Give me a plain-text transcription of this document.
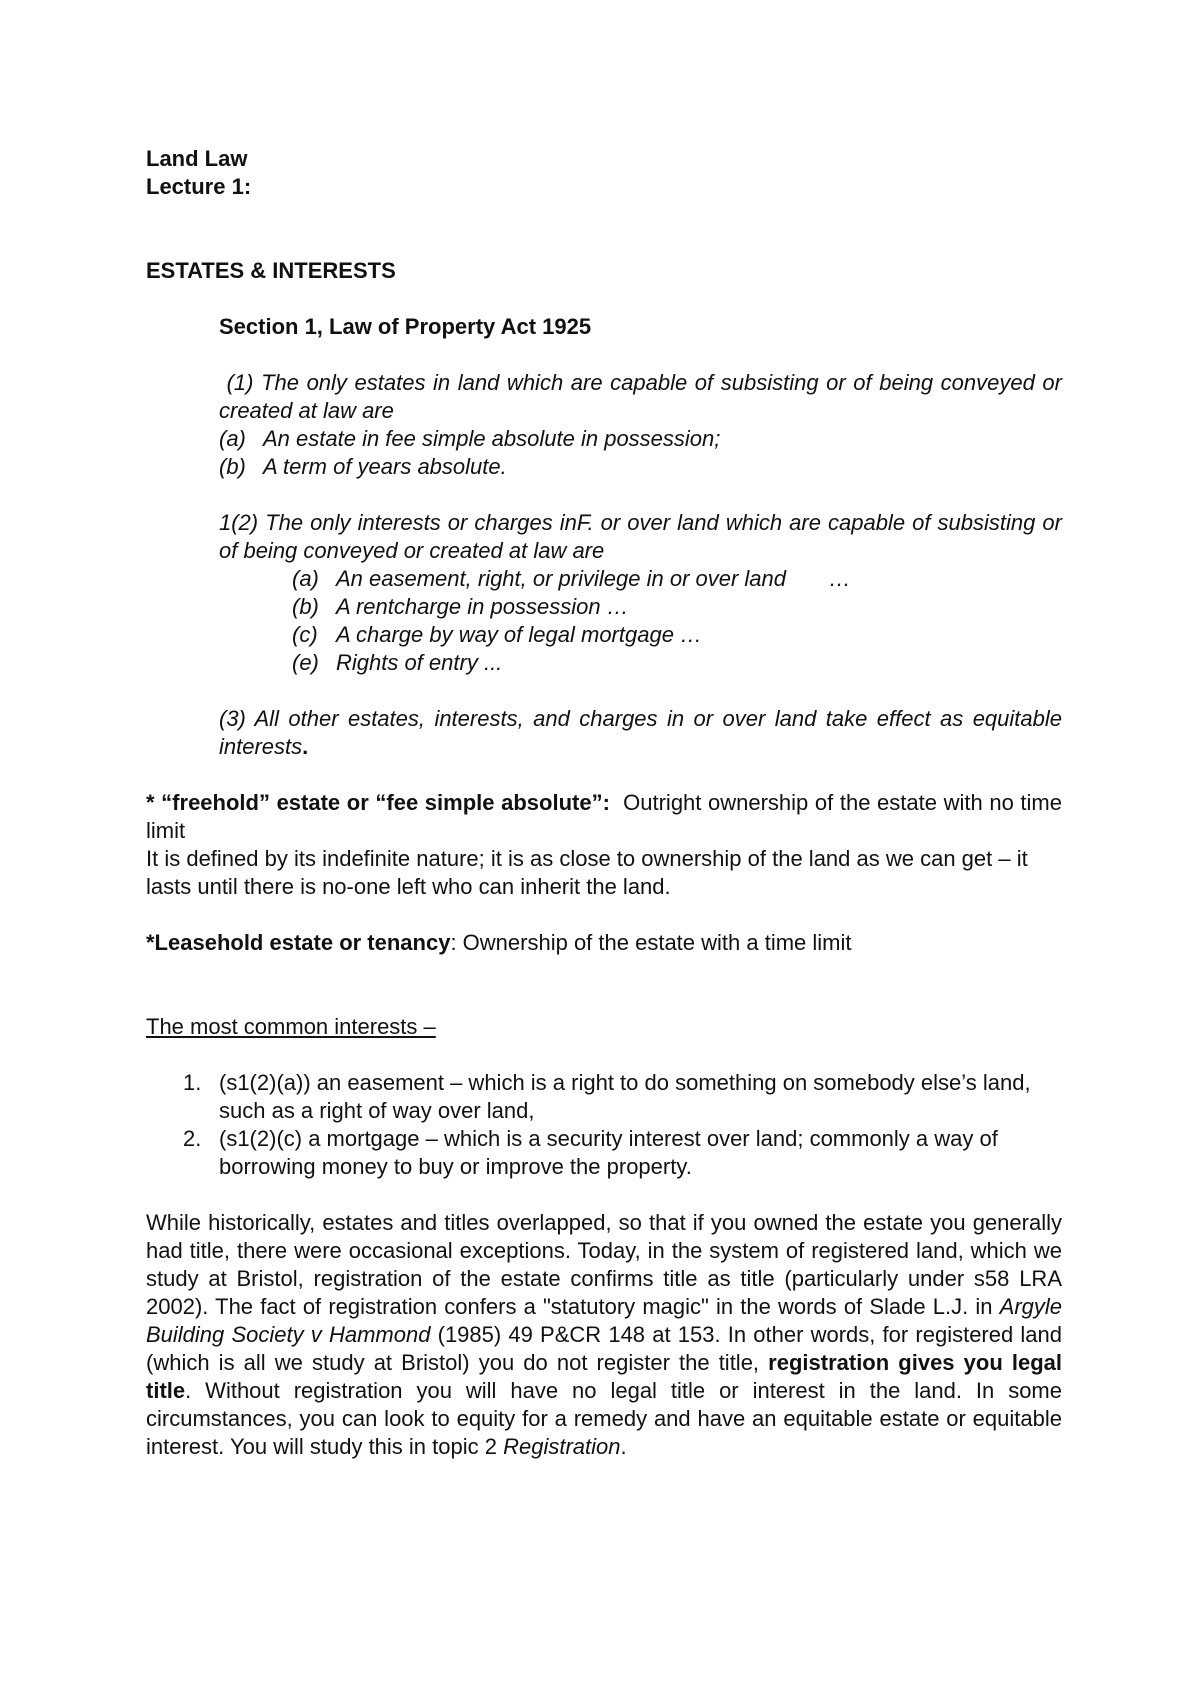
Land Law

Lecture 1:

ESTATES & INTERESTS

Section 1, Law of Property Act 1925

(1) The only estates in land which are capable of subsisting or of being conveyed or created at law are

(a) An estate in fee simple absolute in possession;
(b) A term of years absolute.

1(2) The only interests or charges inF. or over land which are capable of subsisting or of being conveyed or created at law are

(a) An easement, right, or privilege in or over land       …
(b) A rentcharge in possession …
(c) A charge by way of legal mortgage …
(e) Rights of entry ...

(3) All other estates, interests, and charges in or over land take effect as equitable interests.

* “freehold” estate or “fee simple absolute”: Outright ownership of the estate with no time limit

It is defined by its indefinite nature; it is as close to ownership of the land as we can get – it lasts until there is no-one left who can inherit the land.

*Leasehold estate or tenancy: Ownership of the estate with a time limit

The most common interests –

1. (s1(2)(a)) an easement – which is a right to do something on somebody else’s land, such as a right of way over land,
2. (s1(2)(c) a mortgage – which is a security interest over land; commonly a way of borrowing money to buy or improve the property.

While historically, estates and titles overlapped, so that if you owned the estate you generally had title, there were occasional exceptions. Today, in the system of registered land, which we study at Bristol, registration of the estate confirms title as title (particularly under s58 LRA 2002). The fact of registration confers a "statutory magic" in the words of Slade L.J. in Argyle Building Society v Hammond (1985) 49 P&CR 148 at 153. In other words, for registered land (which is all we study at Bristol) you do not register the title, registration gives you legal title. Without registration you will have no legal title or interest in the land. In some circumstances, you can look to equity for a remedy and have an equitable estate or equitable interest. You will study this in topic 2 Registration.
